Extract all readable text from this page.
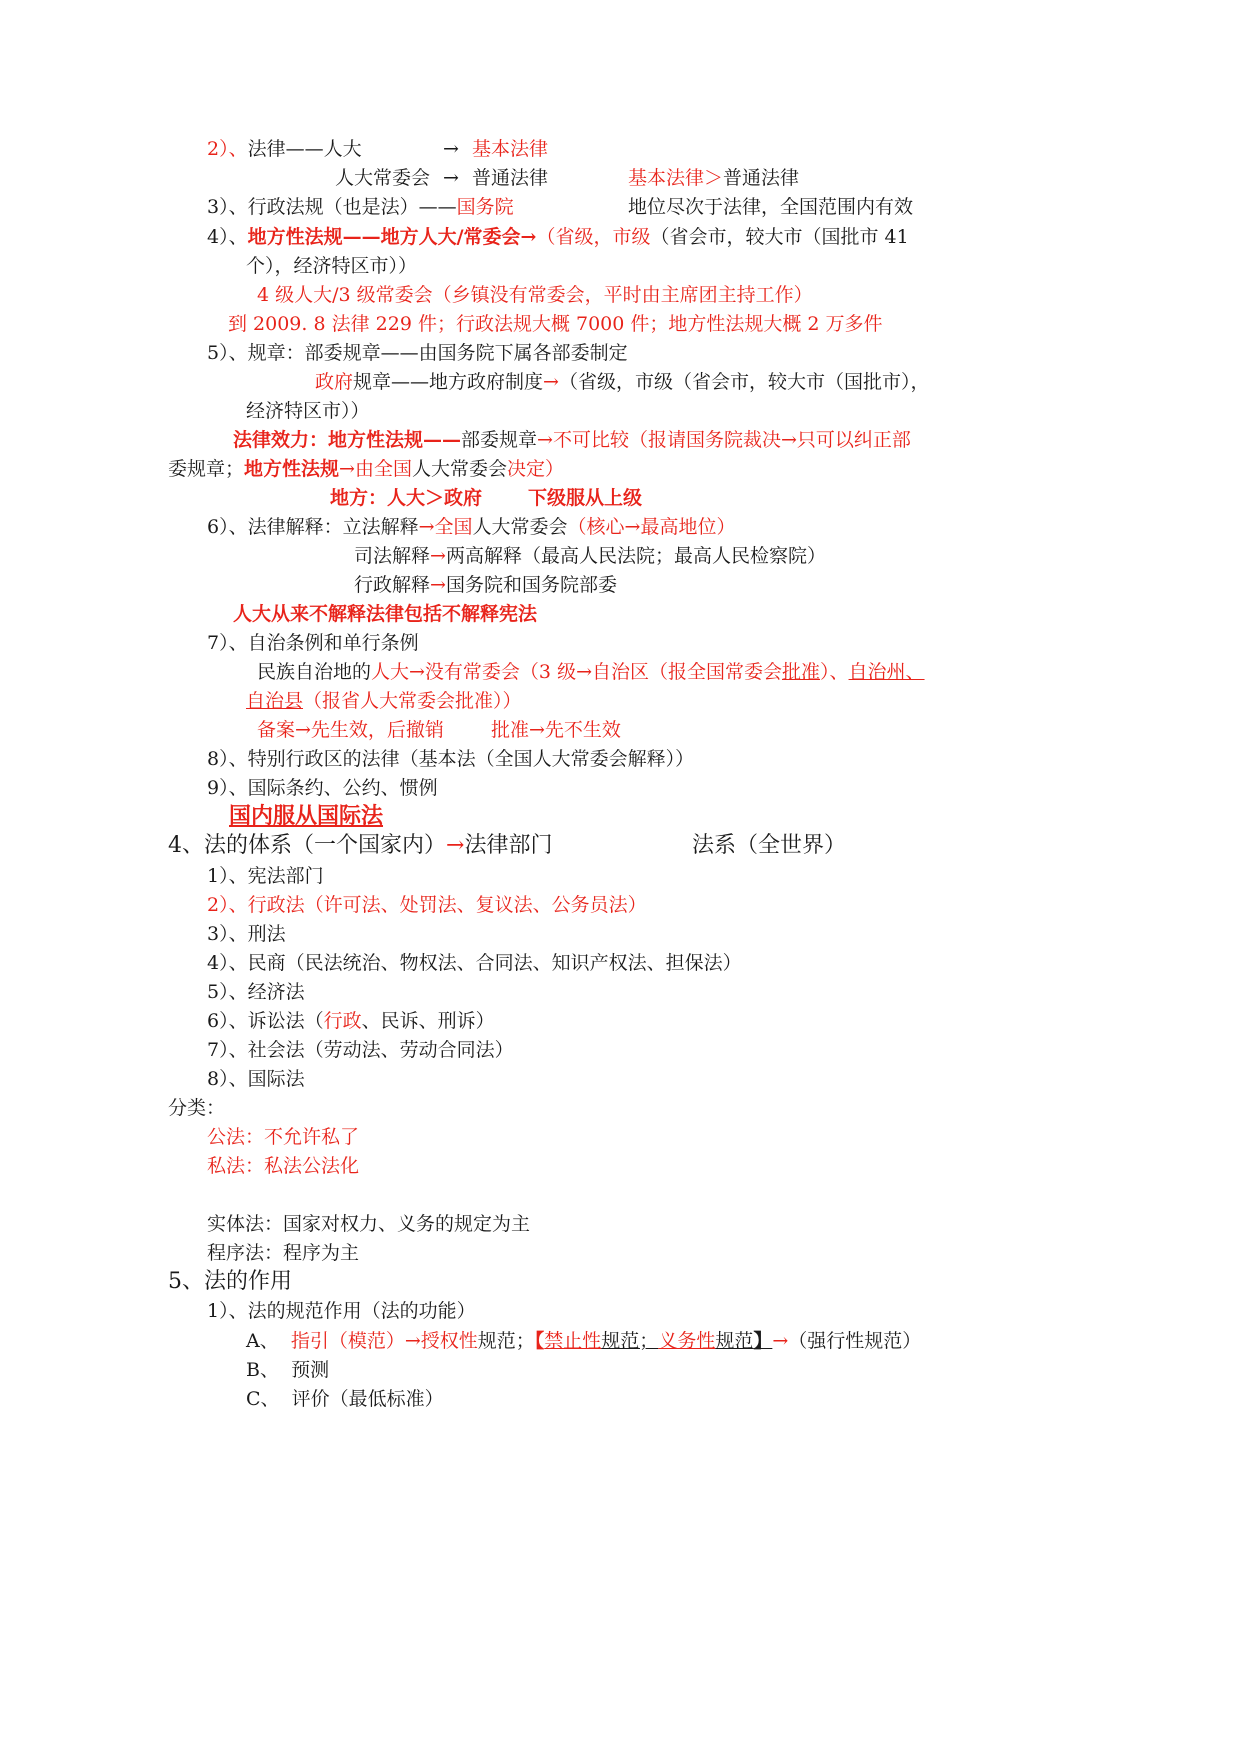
2）、法律——人大	→ 基本法律
人大常委会 → 普通法律	基本法律＞普通法律
3）、行政法规（也是法）——国务院	地位尽次于法律，全国范围内有效
4）、地方性法规——地方人大/常委会→（省级，市级（省会市，较大市（国批市 41
个），经济特区市））
4 级人大/3 级常委会（乡镇没有常委会，平时由主席团主持工作）
到 2009. 8 法律 229 件；行政法规大概 7000 件；地方性法规大概 2 万多件
5）、规章：部委规章——由国务院下属各部委制定
政府规章——地方政府制度→（省级，市级（省会市，较大市（国批市），
经济特区市））
法律效力：地方性法规——部委规章→不可比较（报请国务院裁决→只可以纠正部
委规章；地方性法规→由全国人大常委会决定）
地方：人大＞政府 下级服从上级
6）、法律解释：立法解释→全国人大常委会（核心→最高地位）
司法解释→两高解释（最高人民法院；最高人民检察院）
行政解释→国务院和国务院部委
人大从来不解释法律包括不解释宪法
7）、自治条例和单行条例
民族自治地的人大→没有常委会（3 级→自治区（报全国常委会批准）、自治州、
自治县（报省人大常委会批准））
备案→先生效，后撤销 批准→先不生效
8）、特别行政区的法律（基本法（全国人大常委会解释））
9）、国际条约、公约、惯例
国内服从国际法
4、法的体系（一个国家内）→法律部门	法系（全世界）
1）、宪法部门
2）、行政法（许可法、处罚法、复议法、公务员法）
3）、刑法
4）、民商（民法统治、物权法、合同法、知识产权法、担保法）
5）、经济法
6）、诉讼法（行政、民诉、刑诉）
7）、社会法（劳动法、劳动合同法）
8）、国际法
分类：
公法：不允许私了
私法：私法公法化
实体法：国家对权力、义务的规定为主
程序法：程序为主
5、法的作用
1）、法的规范作用（法的功能）
A、 指引（模范）→授权性规范；【禁止性规范；义务性规范】→（强行性规范）
B、 预测
C、 评价（最低标准）
